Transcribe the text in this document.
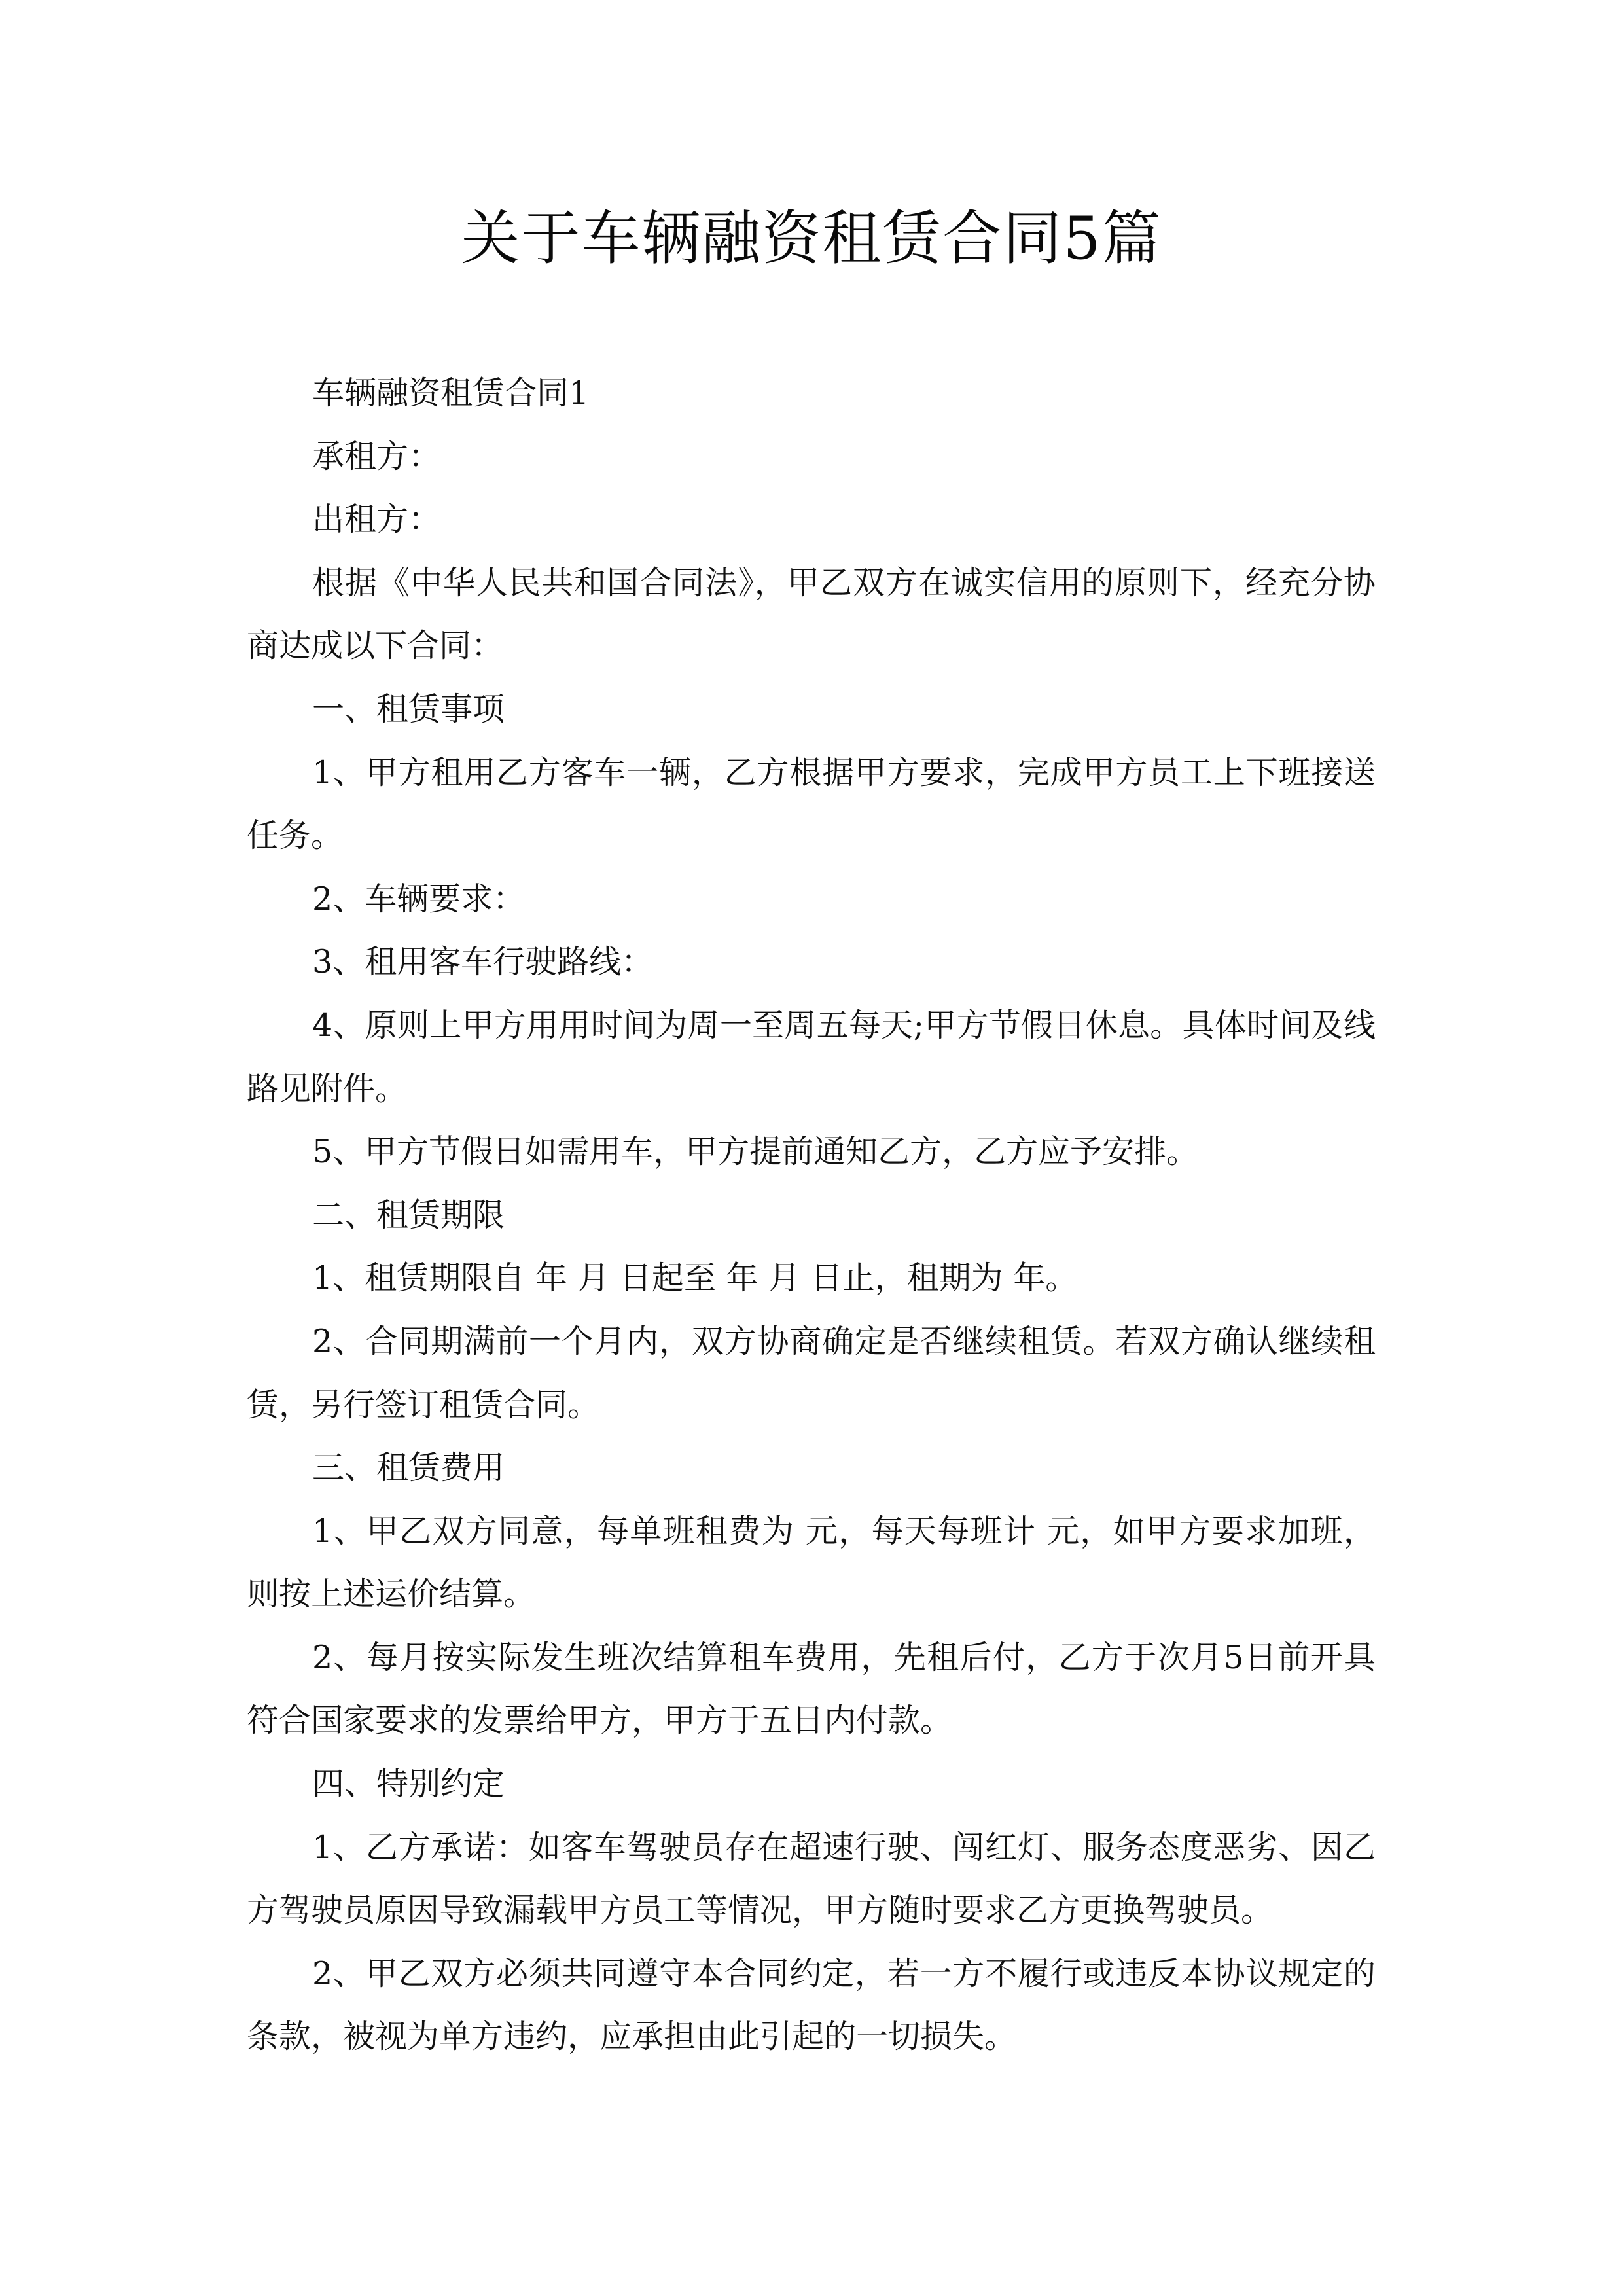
关于车辆融资租赁合同5篇

车辆融资租赁合同1

承租方：

出租方：

根据《中华人民共和国合同法》，甲乙双方在诚实信用的原则下，经充分协商达成以下合同：

一、租赁事项

1、甲方租用乙方客车一辆，乙方根据甲方要求，完成甲方员工上下班接送任务。

2、车辆要求：

3、租用客车行驶路线：

4、原则上甲方用用时间为周一至周五每天;甲方节假日休息。具体时间及线路见附件。

5、甲方节假日如需用车，甲方提前通知乙方，乙方应予安排。

二、租赁期限

1、租赁期限自 年 月 日起至 年 月 日止，租期为 年。

2、合同期满前一个月内，双方协商确定是否继续租赁。若双方确认继续租赁，另行签订租赁合同。

三、租赁费用

1、甲乙双方同意，每单班租费为 元，每天每班计 元，如甲方要求加班，则按上述运价结算。

2、每月按实际发生班次结算租车费用，先租后付，乙方于次月5日前开具符合国家要求的发票给甲方，甲方于五日内付款。

四、特别约定

1、乙方承诺：如客车驾驶员存在超速行驶、闯红灯、服务态度恶劣、因乙方驾驶员原因导致漏载甲方员工等情况，甲方随时要求乙方更换驾驶员。

2、甲乙双方必须共同遵守本合同约定，若一方不履行或违反本协议规定的条款，被视为单方违约，应承担由此引起的一切损失。
